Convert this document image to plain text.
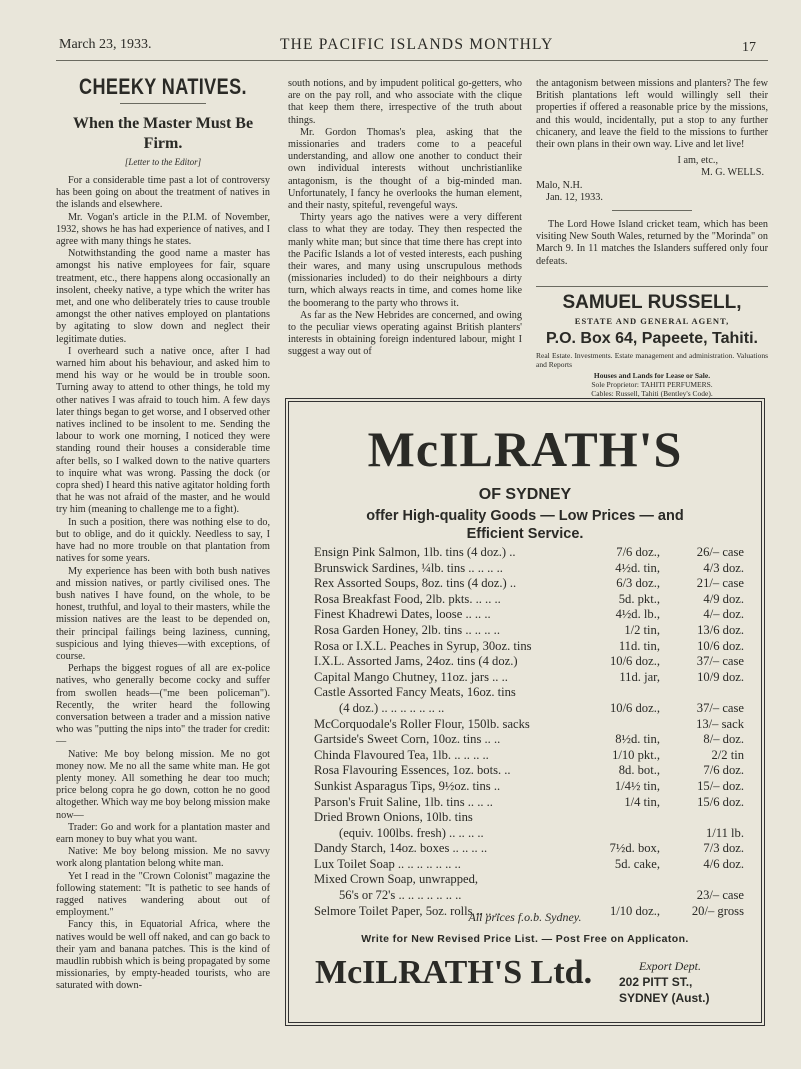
March 23, 1933.	THE PACIFIC ISLANDS MONTHLY	17
CHEEKY NATIVES.
When the Master Must Be Firm.
[Letter to the Editor]

For a considerable time past a lot of controversy has been going on about the treatment of natives in the islands and elsewhere.

Mr. Vogan's article in the P.I.M. of November, 1932, shows he has had experience of natives, and I agree with many things he states.

Notwithstanding the good name a master has amongst his native employees for fair, square treatment, etc., there happens along occasionally an insolent, cheeky native, a type which the writer has met, and one who deliberately tries to cause trouble amongst the other natives employed on plantations by agitating to slow down and neglect their legitimate duties.

I overheard such a native once, after I had warned him about his behaviour, and asked him to mend his way or he would be in trouble soon. Turning away to attend to other things, he told my other natives I was afraid to touch him. A few days later things began to get worse, and I observed other natives inclined to be insolent to me. Sending the labour to work one morning, I noticed they were standing round their houses a considerable time after bells, so I walked down to the native quarters to inquire what was wrong. Passing the dock (or copra shed) I heard this native agitator holding forth that he was not afraid of the master, and he would try him (meaning to challenge me to a fight).

In such a position, there was nothing else to do, but to oblige, and do it quickly. Needless to say, I have had no more trouble on that plantation from natives for some years.

My experience has been with both bush natives and mission natives, or partly civilised ones. The bush natives I have found, on the whole, to be honest, truthful, and loyal to their masters, while the mission natives are the least to be depended on, their principal failings being laziness, cunning, suspicious and lying thieves—with exceptions, of course.

Perhaps the biggest rogues of all are ex-police natives, who generally become cocky and suffer from swollen heads—("me been policeman"). Recently, the writer heard the following conversation between a trader and a mission native who was "putting the nips into" the trader for credit:—

Native: Me boy belong mission. Me no got money now. Me no all the same white man. He got plenty money. All something he dear too much; price belong copra he go down, cotton he no good altogether. Which way me boy belong mission make now—

Trader: Go and work for a plantation master and earn money to buy what you want.

Native: Me boy belong mission. Me no savvy work along plantation belong white man.

Yet I read in the "Crown Colonist" magazine the following statement: "It is pathetic to see hands of ragged natives wandering about out of employment."

Fancy this, in Equatorial Africa, where the natives would be well off naked, and can go back to their yam and banana patches. This is the kind of maudlin rubbish which is being propagated by some missionaries, by empty-headed tourists, who are saturated with down-

south notions, and by impudent political go-getters, who are on the pay roll, and who associate with the clique that keep them there, irrespective of the truth about things.

Mr. Gordon Thomas's plea, asking that the missionaries and traders come to a peaceful understanding, and allow one another to conduct their own individual interests without unchristianlike antagonism, is the thought of a big-minded man. Unfortunately, I fancy he overlooks the human element, and their nasty, spiteful, revengeful ways.

Thirty years ago the natives were a very different class to what they are today. They then respected the manly white man; but since that time there has crept into the Pacific Islands a lot of vested interests, each pushing their wares, and many using unscrupulous methods (missionaries included) to do their neighbours a dirty turn, which always reacts in time, and comes home like the boomerang to the party who throws it.

As far as the New Hebrides are concerned, and owing to the peculiar views operating against British planters' interests in obtaining foreign indentured labour, might I suggest a way out of

the antagonism between missions and planters? The few British plantations left would willingly sell their properties if offered a reasonable price by the missions, and this would, incidentally, put a stop to any further chicanery, and leave the field to the missions to further their own plans in their own way. Live and let live!

I am, etc.,
M. G. WELLS.
Malo, N.H.
Jan. 12, 1933.

The Lord Howe Island cricket team, which has been visiting New South Wales, returned by the "Morinda" on March 9. In 11 matches the Islanders suffered only four defeats.

SAMUEL RUSSELL,
ESTATE AND GENERAL AGENT,
P.O. Box 64, Papeete, Tahiti.
Real Estate. Investments. Estate management and administration. Valuations and Reports
Houses and Lands for Lease or Sale.
Sole Proprietor: TAHITI PERFUMERS.
Cables: Russell, Tahiti (Bentley's Code).
McILRATH'S
OF SYDNEY
offer High-quality Goods — Low Prices — and
Efficient Service.
Ensign Pink Salmon, 1lb. tins (4 doz.) ..	7/6 doz.,	26/– case
Brunswick Sardines, ¼lb. tins .. .. .. ..	4½d. tin,	4/3 doz.
Rex Assorted Soups, 8oz. tins (4 doz.) ..	6/3 doz.,	21/– case
Rosa Breakfast Food, 2lb. pkts. .. .. ..	5d. pkt.,	4/9 doz.
Finest Khadrewi Dates, loose .. .. ..	4½d. lb.,	4/– doz.
Rosa Garden Honey, 2lb. tins .. .. .. ..	1/2 tin,	13/6 doz.
Rosa or I.X.L. Peaches in Syrup, 30oz. tins	11d. tin,	10/6 doz.
I.X.L. Assorted Jams, 24oz. tins (4 doz.)	10/6 doz.,	37/– case
Capital Mango Chutney, 11oz. jars .. ..	11d. jar,	10/9 doz.
Castle Assorted Fancy Meats, 16oz. tins
(4 doz.) .. .. .. .. .. .. ..	10/6 doz.,	37/– case
McCorquodale's Roller Flour, 150lb. sacks	13/– sack
Gartside's Sweet Corn, 10oz. tins .. ..	8½d. tin,	8/– doz.
Chinda Flavoured Tea, 1lb. .. .. .. ..	1/10 pkt.,	2/2 tin
Rosa Flavouring Essences, 1oz. bots. ..	8d. bot.,	7/6 doz.
Sunkist Asparagus Tips, 9½oz. tins ..	1/4½ tin,	15/– doz.
Parson's Fruit Saline, 1lb. tins .. .. ..	1/4 tin,	15/6 doz.
Dried Brown Onions, 10lb. tins
(equiv. 100lbs. fresh) .. .. .. ..	1/11 lb.
Dandy Starch, 14oz. boxes .. .. .. ..	7½d. box,	7/3 doz.
Lux Toilet Soap .. .. .. .. .. .. ..	5d. cake,	4/6 doz.
Mixed Crown Soap, unwrapped,
56's or 72's .. .. .. .. .. .. ..	23/– case
Selmore Toilet Paper, 5oz. rolls .. .. ..	1/10 doz.,	20/– gross
All prices f.o.b. Sydney.
Write for New Revised Price List. — Post Free on Applicaton.
McILRATH'S Ltd.	Export Dept.
202 PITT ST.,
SYDNEY (Aust.)
